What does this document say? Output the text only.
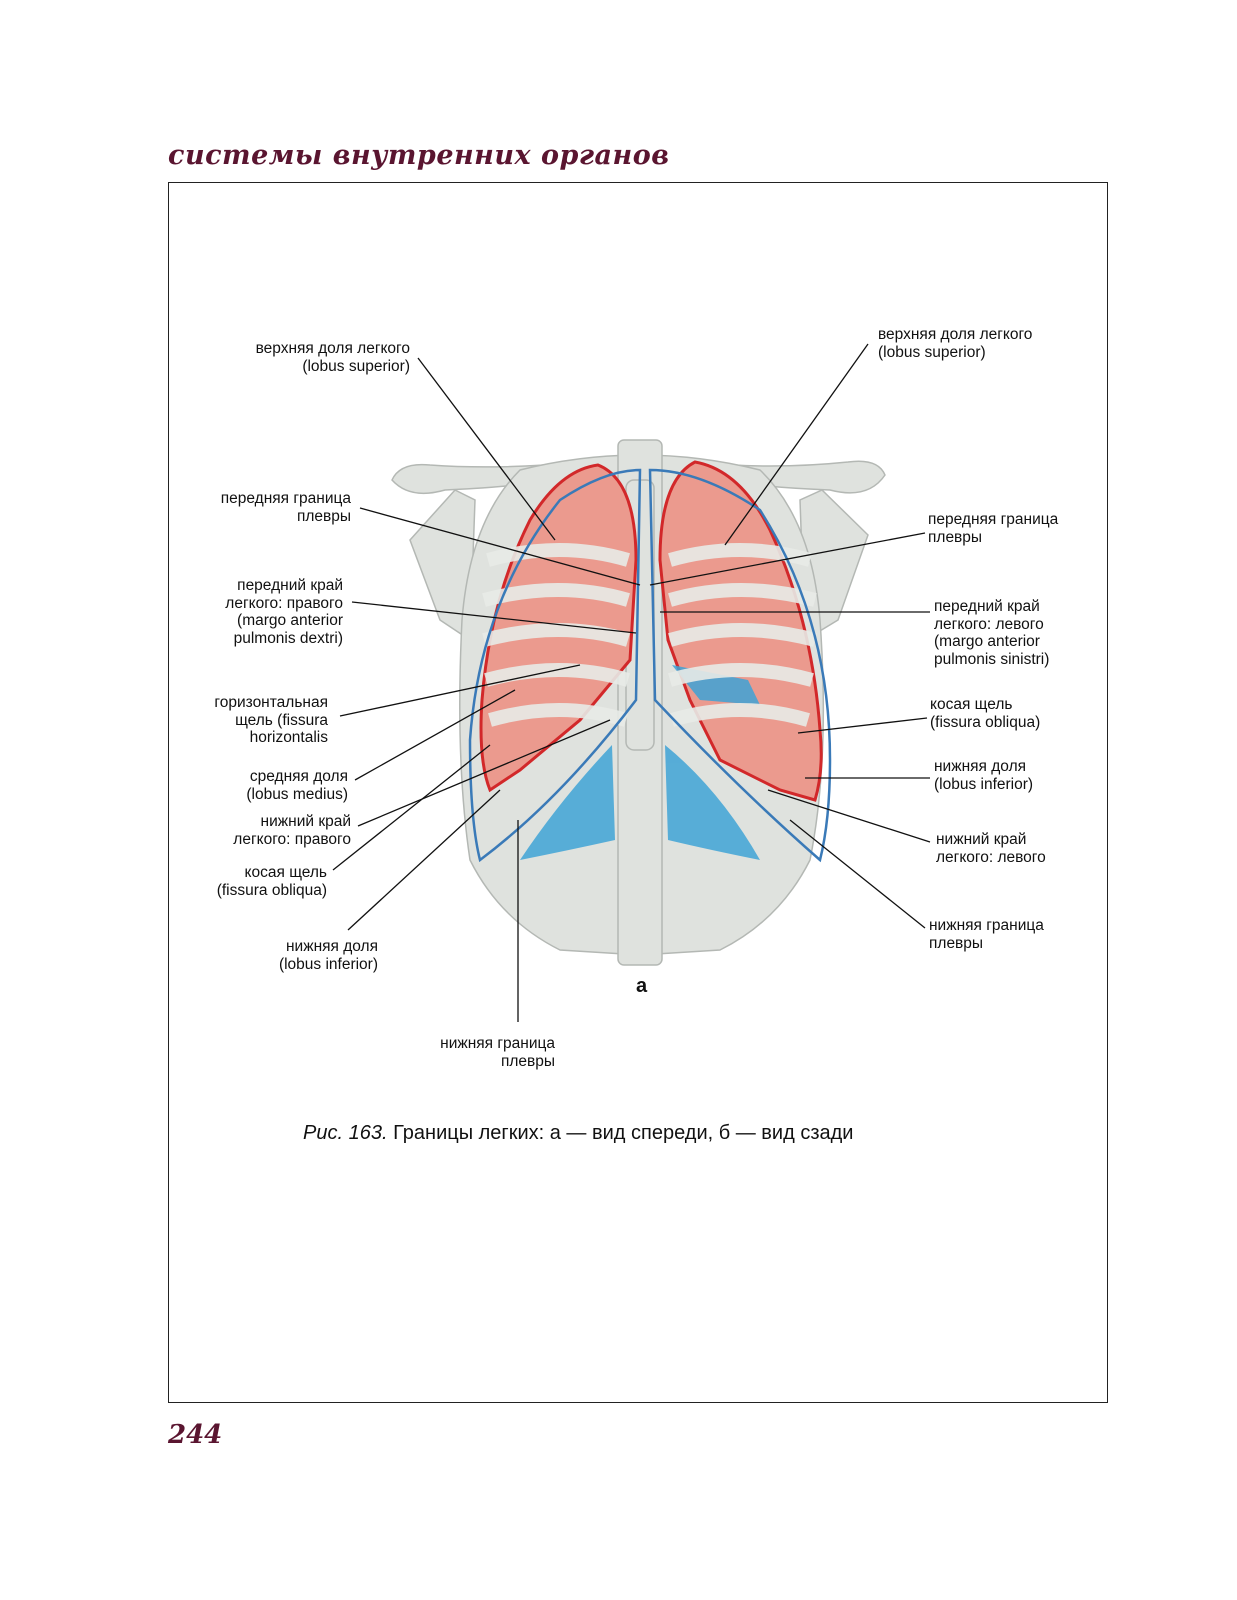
системы внутренних органов
верхняя доля легкого
(lobus superior)
верхняя доля легкого
(lobus superior)
передняя граница
плевры	передняя граница
плевры
передний край
легкого: правого
(margo anterior
pulmonis dextri)
передний край
легкого: левого
(margo anterior
pulmonis sinistri)
горизонтальная
щель (fissura
horizontalis
косая щель
(fissura obliqua)
средняя доля
(lobus medius)
нижняя доля
(lobus inferior)
нижний край
легкого: правого	нижний край
легкого: левого
косая щель
(fissura obliqua)
нижняя граница
плевры
нижняя доля
(lobus inferior)
нижняя граница
плевры
а
Рис. 163. Границы легких: а — вид спереди, б — вид сзади
244
